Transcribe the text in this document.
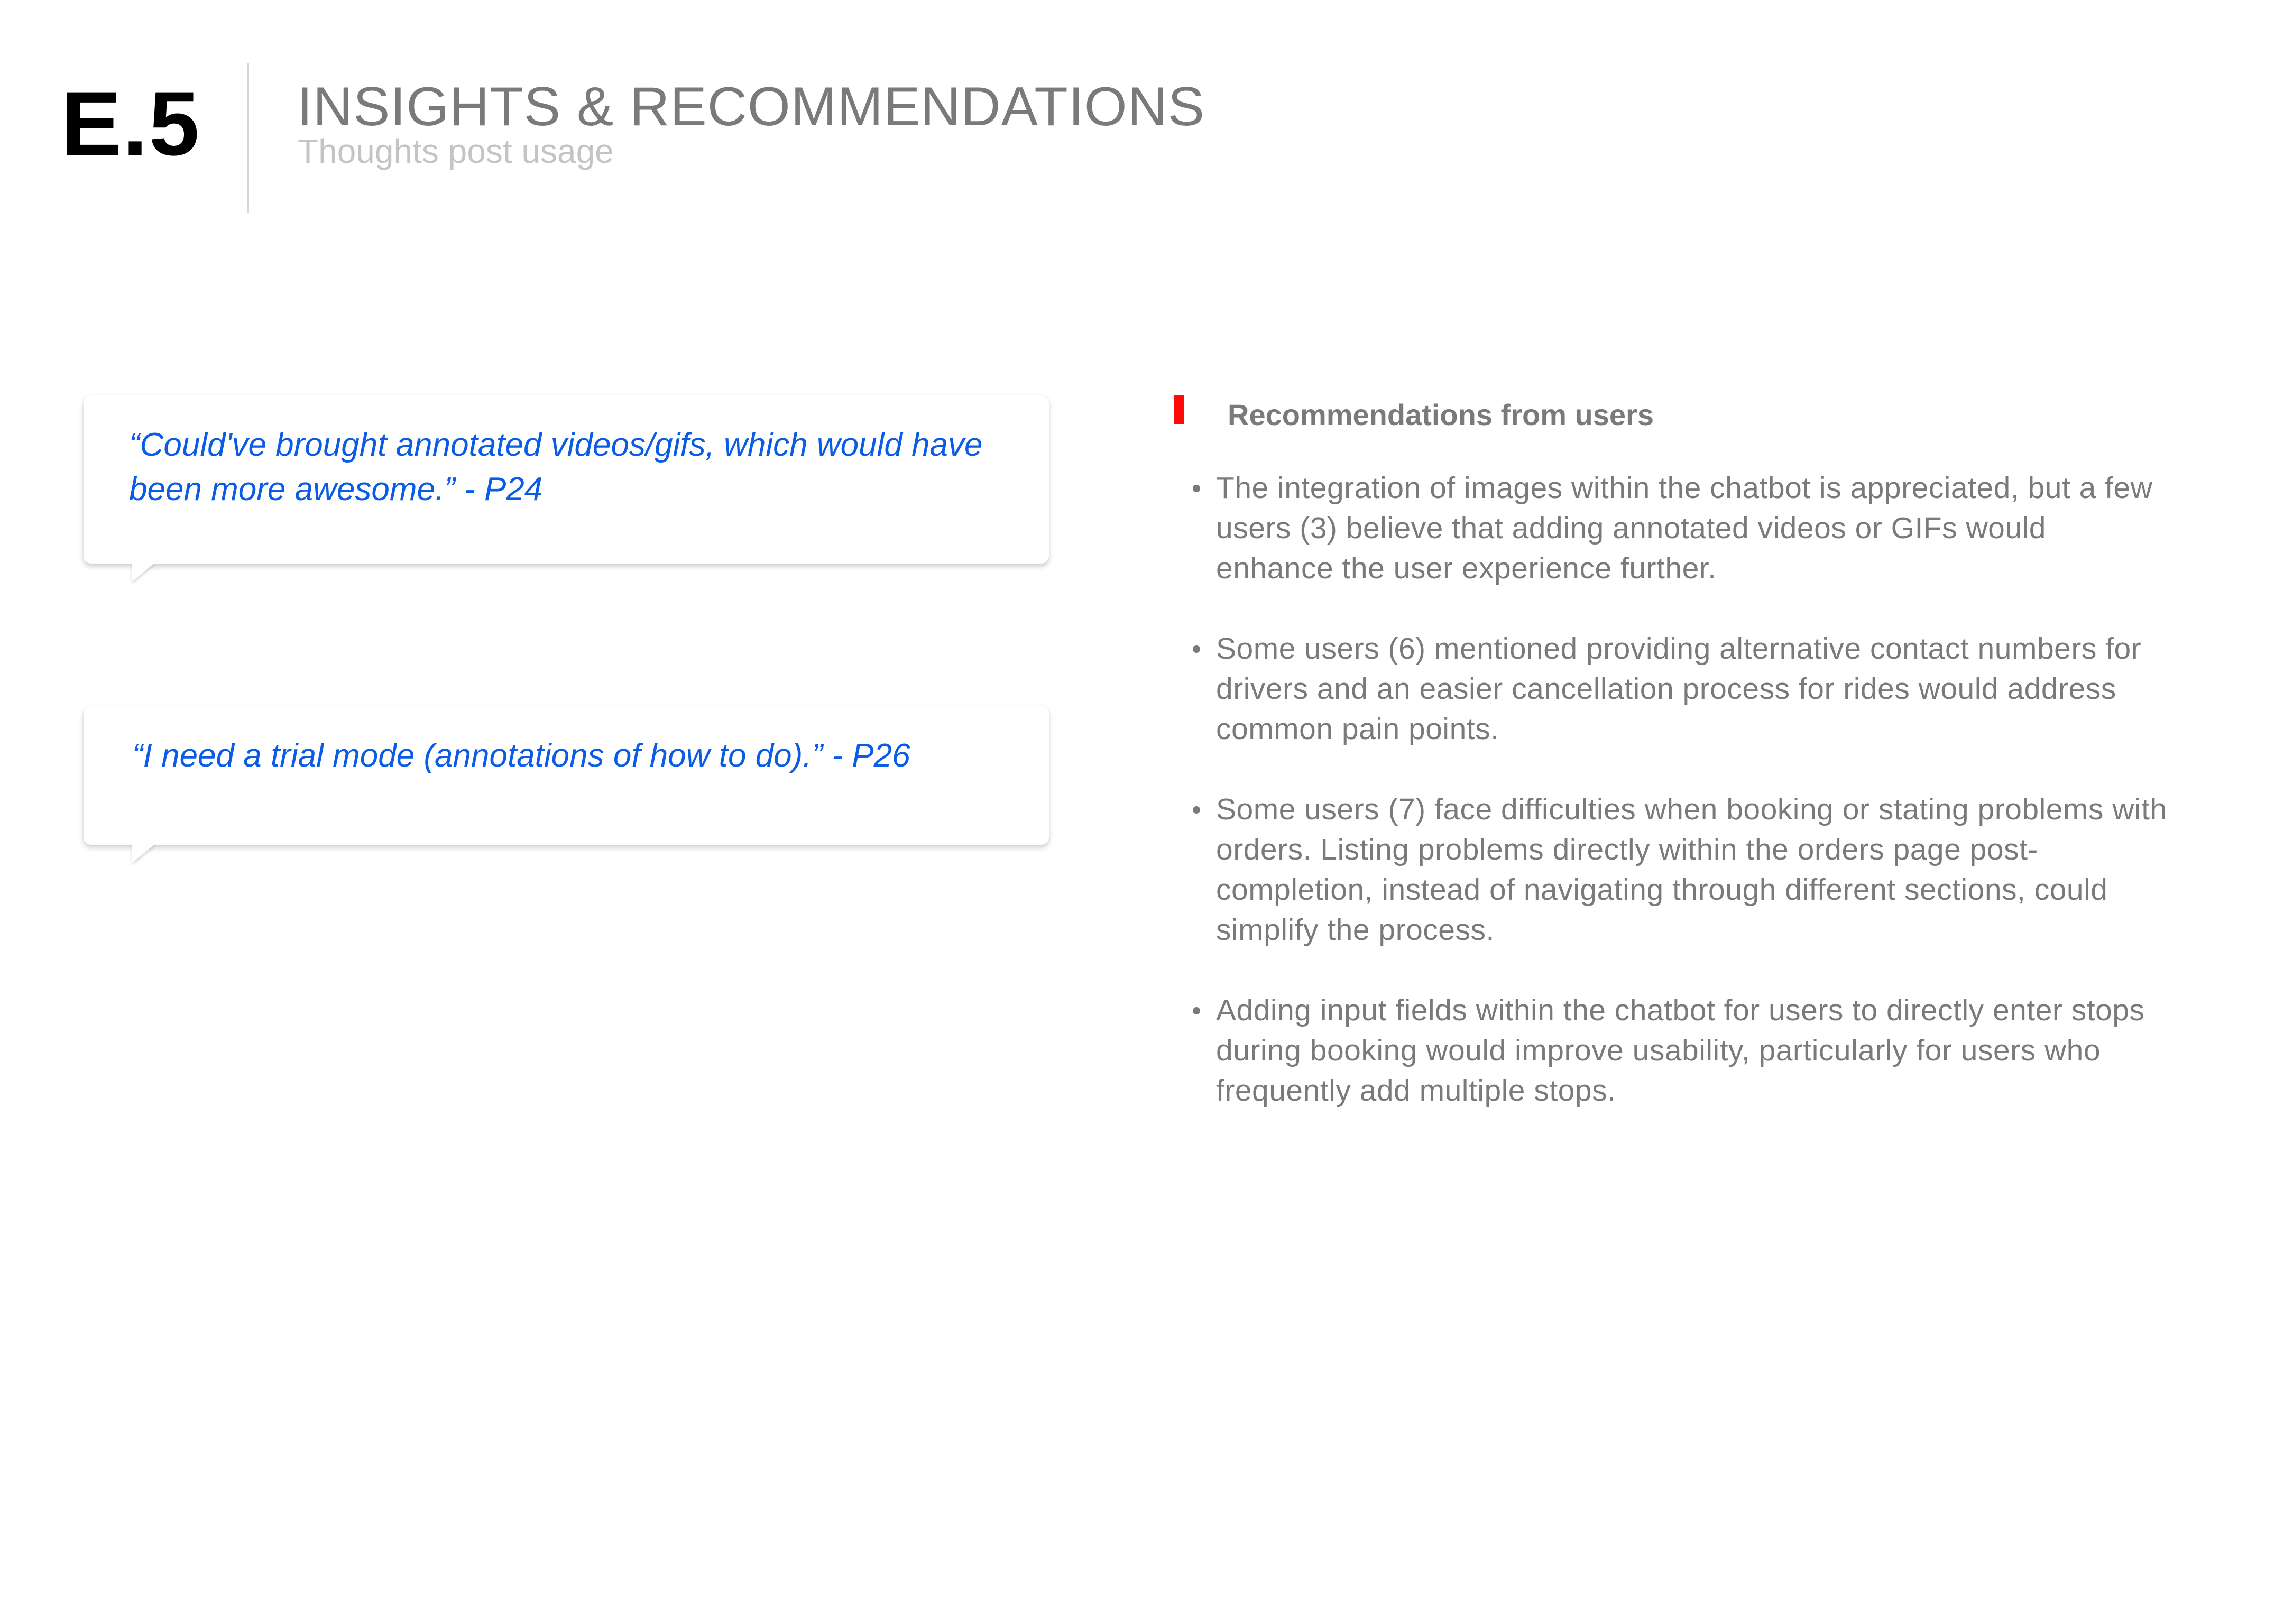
E.5 INSIGHTS & RECOMMENDATIONS
Thoughts post usage

“Could've brought annotated videos/gifs, which would have been more awesome.” - P24

“I need a trial mode (annotations of how to do).” - P26

Recommendations from users
The integration of images within the chatbot is appreciated, but a few users (3) believe that adding annotated videos or GIFs would enhance the user experience further.
Some users (6) mentioned providing alternative contact numbers for drivers and an easier cancellation process for rides would address common pain points.
Some users (7) face difficulties when booking or stating problems with orders. Listing problems directly within the orders page post-completion, instead of navigating through different sections, could simplify the process.
Adding input fields within the chatbot for users to directly enter stops during booking would improve usability, particularly for users who frequently add multiple stops.
